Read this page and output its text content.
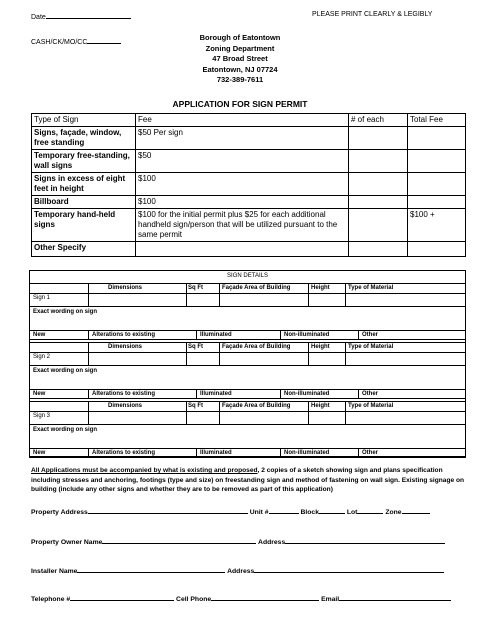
Date	PLEASE PRINT CLEARLY & LEGIBLY
CASH/CK/MO/CC
Borough of Eatontown
Zoning Department
47 Broad Street
Eatontown, NJ 07724
732-389-7611
APPLICATION FOR SIGN PERMIT
Type of Sign	Fee	# of each	Total Fee
Signs, façade, window, free standing	$50 Per sign		
Temporary free-standing, wall signs	$50		
Signs in excess of eight feet in height	$100		
Billboard	$100		
Temporary hand-held signs	$100 for the initial permit plus $25 for each additional handheld sign/person that will be utilized pursuant to the same permit		$100 +
Other Specify			
SIGN DETAILS
Dimensions	Sq Ft	Façade Area of Building	Height	Type of Material
Sign 1
Exact wording on sign
New	Alterations to existing	Illuminated	Non-illuminated	Other
Dimensions	Sq Ft	Façade Area of Building	Height	Type of Material
Sign 2
Exact wording on sign
New	Alterations to existing	Illuminated	Non-illuminated	Other
Dimensions	Sq Ft	Façade Area of Building	Height	Type of Material
Sign 3
Exact wording on sign
New	Alterations to existing	Illuminated	Non-illuminated	Other
All Applications must be accompanied by what is existing and proposed, 2 copies of a sketch showing sign and plans specification including stresses and anchoring, footings (type and size) on freestanding sign and method of fastening on wall sign. Existing signage on building (include any other signs and whether they are to be removed as part of this application)
Property Address	Unit #	Block	Lot	Zone
Property Owner Name	Address
Installer Name	Address
Telephone #	Cell Phone	Email
